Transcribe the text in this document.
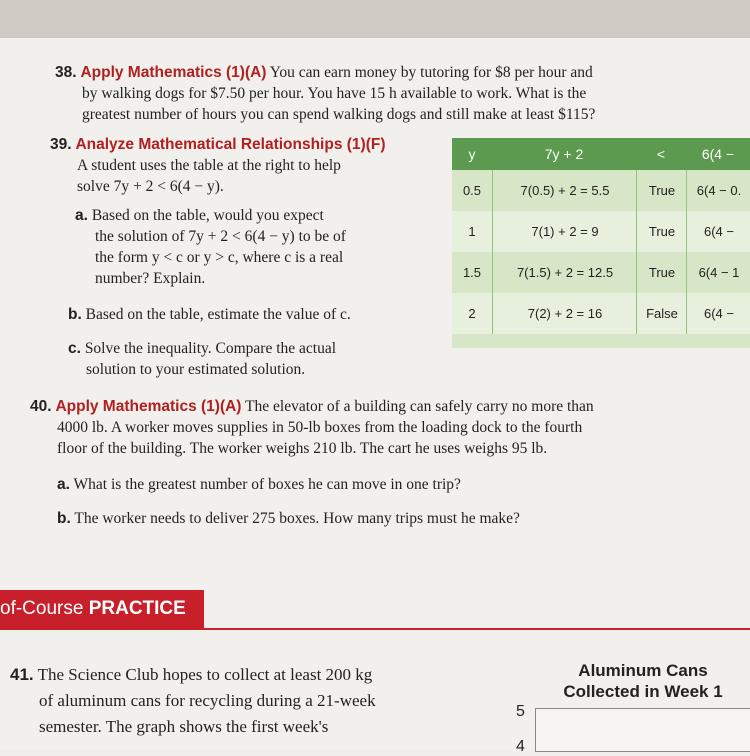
38. Apply Mathematics (1)(A) You can earn money by tutoring for $8 per hour and
by walking dogs for $7.50 per hour. You have 15 h available to work. What is the
greatest number of hours you can spend walking dogs and still make at least $115?
39. Analyze Mathematical Relationships (1)(F)
A student uses the table at the right to help
solve 7y + 2 < 6(4 − y).
a. Based on the table, would you expect
the solution of 7y + 2 < 6(4 − y) to be of
the form y < c or y > c, where c is a real
number? Explain.
b. Based on the table, estimate the value of c.
c. Solve the inequality. Compare the actual
solution to your estimated solution.
y	7y + 2	<	6(4 −
0.5	7(0.5) + 2 = 5.5	True	6(4 − 0.
1	7(1) + 2 = 9	True	6(4 −
1.5	7(1.5) + 2 = 12.5	True	6(4 − 1
2	7(2) + 2 = 16	False	6(4 −
40. Apply Mathematics (1)(A) The elevator of a building can safely carry no more than
4000 lb. A worker moves supplies in 50-lb boxes from the loading dock to the fourth
floor of the building. The worker weighs 210 lb. The cart he uses weighs 95 lb.
a. What is the greatest number of boxes he can move in one trip?
b. The worker needs to deliver 275 boxes. How many trips must he make?
of-Course PRACTICE
41. The Science Club hopes to collect at least 200 kg
of aluminum cans for recycling during a 21-week
semester. The graph shows the first week's
Aluminum Cans
Collected in Week 1
5
4
